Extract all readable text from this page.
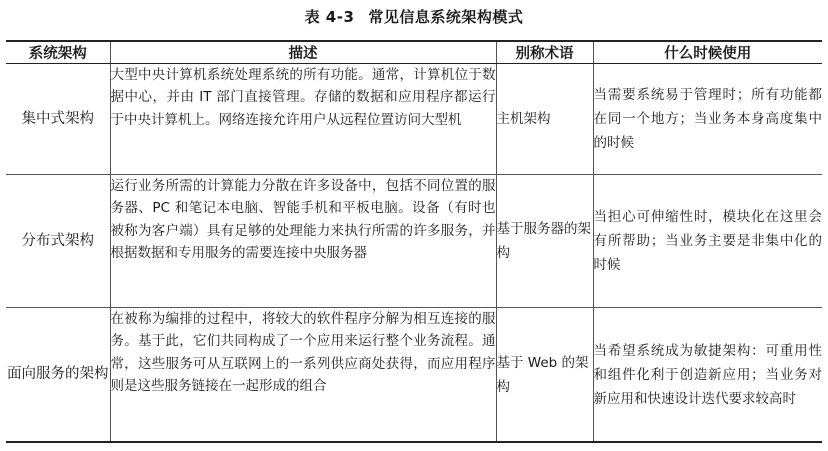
表 4-3 常见信息系统架构模式
系统架构	描述	别称术语	什么时候使用
集中式架构	大型中央计算机系统处理系统的所有功能。通常，计算机位于数据中心，并由 IT 部门直接管理。存储的数据和应用程序都运行于中央计算机上。网络连接允许用户从远程位置访问大型机	主机架构	当需要系统易于管理时；所有功能都在同一个地方；当业务本身高度集中的时候
分布式架构	运行业务所需的计算能力分散在许多设备中，包括不同位置的服务器、PC 和笔记本电脑、智能手机和平板电脑。设备（有时也被称为客户端）具有足够的处理能力来执行所需的许多服务，并根据数据和专用服务的需要连接中央服务器	基于服务器的架构	当担心可伸缩性时，模块化在这里会有所帮助；当业务主要是非集中化的时候
面向服务的架构	在被称为编排的过程中，将较大的软件程序分解为相互连接的服务。基于此，它们共同构成了一个应用来运行整个业务流程。通常，这些服务可从互联网上的一系列供应商处获得，而应用程序则是这些服务链接在一起形成的组合	基于 Web 的架构	当希望系统成为敏捷架构：可重用性和组件化利于创造新应用；当业务对新应用和快速设计迭代要求较高时
